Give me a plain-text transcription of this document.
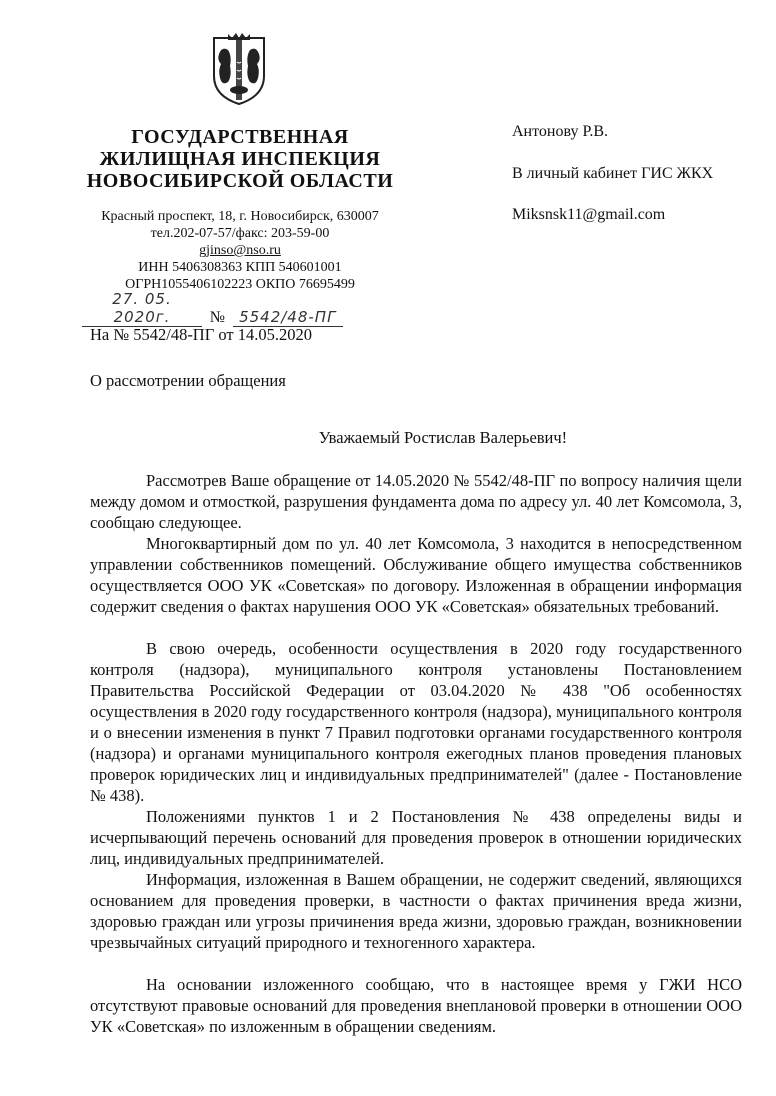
ГОСУДАРСТВЕННАЯ
ЖИЛИЩНАЯ ИНСПЕКЦИЯ
НОВОСИБИРСКОЙ ОБЛАСТИ
Красный проспект, 18, г. Новосибирск, 630007
тел.202-07-57/факс: 203-59-00
gjinso@nso.ru
ИНН 5406308363 КПП 540601001
ОГРН1055406102223 ОКПО 76695499
27. 05. 2020г. № 5542/48-ПГ
Антонову Р.В.
В личный кабинет ГИС ЖКХ
Miksnsk11@gmail.com
На № 5542/48-ПГ от 14.05.2020
О рассмотрении обращения
Уважаемый Ростислав Валерьевич!
Рассмотрев Ваше обращение от 14.05.2020 № 5542/48-ПГ по вопросу наличия щели между домом и отмосткой, разрушения фундамента дома по адресу ул. 40 лет Комсомола, 3, сообщаю следующее.
Многоквартирный дом по ул. 40 лет Комсомола, 3 находится в непосредственном управлении собственников помещений. Обслуживание общего имущества собственников осуществляется ООО УК «Советская» по договору. Изложенная в обращении информация содержит сведения о фактах нарушения ООО УК «Советская» обязательных требований.
В свою очередь, особенности осуществления в 2020 году государственного контроля (надзора), муниципального контроля установлены Постановлением Правительства Российской Федерации от 03.04.2020 № 438 "Об особенностях осуществления в 2020 году государственного контроля (надзора), муниципального контроля и о внесении изменения в пункт 7 Правил подготовки органами государственного контроля (надзора) и органами муниципального контроля ежегодных планов проведения плановых проверок юридических лиц и индивидуальных предпринимателей" (далее - Постановление № 438).
Положениями пунктов 1 и 2 Постановления № 438 определены виды и исчерпывающий перечень оснований для проведения проверок в отношении юридических лиц, индивидуальных предпринимателей.
Информация, изложенная в Вашем обращении, не содержит сведений, являющихся основанием для проведения проверки, в частности о фактах причинения вреда жизни, здоровью граждан или угрозы причинения вреда жизни, здоровью граждан, возникновении чрезвычайных ситуаций природного и техногенного характера.
На основании изложенного сообщаю, что в настоящее время у ГЖИ НСО отсутствуют правовые оснований для проведения внеплановой проверки в отношении ООО УК «Советская» по изложенным в обращении сведениям.
